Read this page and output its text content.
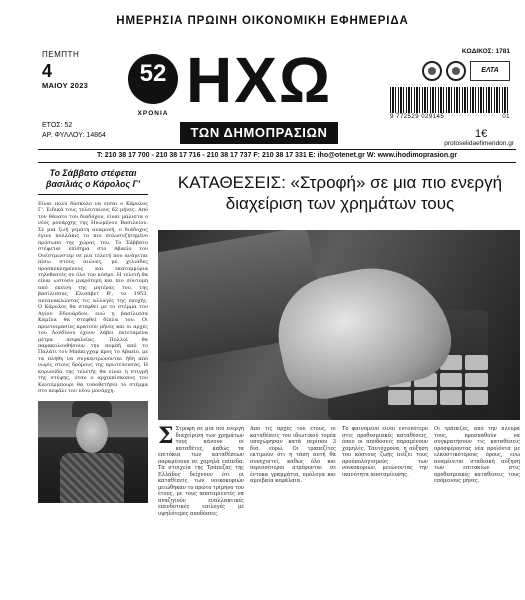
ΗΜΕΡΗΣΙΑ ΠΡΩΙΝΗ ΟΙΚΟΝΟΜΙΚΗ ΕΦΗΜΕΡΙΔΑ
ΠΕΜΠΤΗ
4
ΜΑΙΟΥ 2023
ΕΤΟΣ: 52
ΑΡ. ΦΥΛΛΟΥ: 14864
52
ΧΡΟΝΙΑ ΗΧΩ
ΤΩΝ ΔΗΜΟΠΡΑΣΙΩΝ
ΚΩΔΙΚΟΣ: 1781
ΕΛΤΑ
9 772529 029145	01
1€
protoselidaefimeridon.gr
Τ: 210 38 17 700 - 210 38 17 716 - 210 38 17 737 F: 210 38 17 331 E: iho@otenet.gr W: www.ihodimoprasion.gr
Το Σάββατο στέφεται βασιλιάς ο Κάρολος Γ'
Είναι πολύ δύσκολο να είσαι ο Κάρολος Γ'. Ειδικά τους τελευταίους 62 μήνες. Από τον θάνατο του διαδόχου, είναι μάλιστα ο νέος μονάρχης της Ηνωμένου Βασιλείου. Σε μια ζωή γεμάτη αναμονή, ο διάδοχος έγινε πολλάκις το πιο πολυσυζητημένο πρόσωπο της χώρας του. Το Σάββατο στέφεται επίσημα στο Αβαείο του Ουέστμινστερ σε μια τελετή που ανάγεται πίσω στους αιώνες, με χιλιάδες προσκεκλημένους και εκατομμύρια τηλεθεατές σε όλο τον κόσμο. Η τελετή θα είναι ωστόσο μικρότερη και πιο σύντομη από εκείνη της μητέρας του, της βασίλισσας Ελισάβετ Β', το 1953, αντανακλώντας τις αλλαγές της εποχής. Ο Κάρολος θα στεφθεί με το στέμμα του Αγίου Εδουάρδου, ενώ η βασίλισσα Καμίλα θα στεφθεί δίπλα του. Οι προετοιμασίες κρατούν μήνες και οι αρχές του Λονδίνου έχουν λάβει εκτεταμένα μέτρα ασφαλείας. Πολλοί θα παρακολουθήσουν την πομπή από το Παλάτι του Μπάκιγχαμ προς το Αβαείο, με τα πλήθη να συγκεντρώνονται ήδη από νωρίς στους δρόμους της πρωτεύουσας. Η κορωνίδα της τελετής θα είναι η στιγμή της στέψης, όταν ο αρχιεπίσκοπος του Καντέρμπουρι θα τοποθετήσει το στέμμα στο κεφάλι του νέου μονάρχη.
ΚΑΤΑΘΕΣΕΙΣ: «Στροφή» σε μια πιο ενεργή διαχείριση των χρημάτων τους
Σ Στροφή σε μια πιο ενεργή διαχείριση των χρημάτων τους κάνουν οι καταθέτες, καθώς τα επιτόκια των καταθέσεων παραμένουν σε χαμηλά επίπεδα. Τα στοιχεία της Τράπεζας της Ελλάδος δείχνουν ότι οι καταθέσεις των νοικοκυριών μειώθηκαν το πρώτο τρίμηνο του έτους, με τους αποταμιευτές να αναζητούν εναλλακτικές επενδυτικές επιλογές με υψηλότερες αποδόσεις.
Από τις αρχές του έτους, οι καταθέσεις του ιδιωτικού τομέα υποχώρησαν κατά περίπου 3 δισ. ευρώ. Οι τραπεζίτες εκτιμούν ότι η τάση αυτή θα συνεχιστεί, καθώς όλο και περισσότεροι στρέφονται σε έντοκα γραμμάτια, ομόλογα και αμοιβαία κεφάλαια.
Το φαινόμενο είναι εντονότερο στις προθεσμιακές καταθέσεις, όπου οι αποδόσεις παραμένουν χαμηλές. Ταυτόχρονα, η αύξηση του κόστους ζωής πιέζει τους προϋπολογισμούς των νοικοκυριών, μειώνοντας την ικανότητα αποταμίευσης.
Οι τράπεζες, από την πλευρά τους, προσπαθούν να συγκρατήσουν τις καταθέσεις προσφέροντας νέα προϊόντα με ελκυστικότερους όρους, ενώ αναμένεται σταδιακή αύξηση των επιτοκίων στις προθεσμιακές καταθέσεις τους επόμενους μήνες.
